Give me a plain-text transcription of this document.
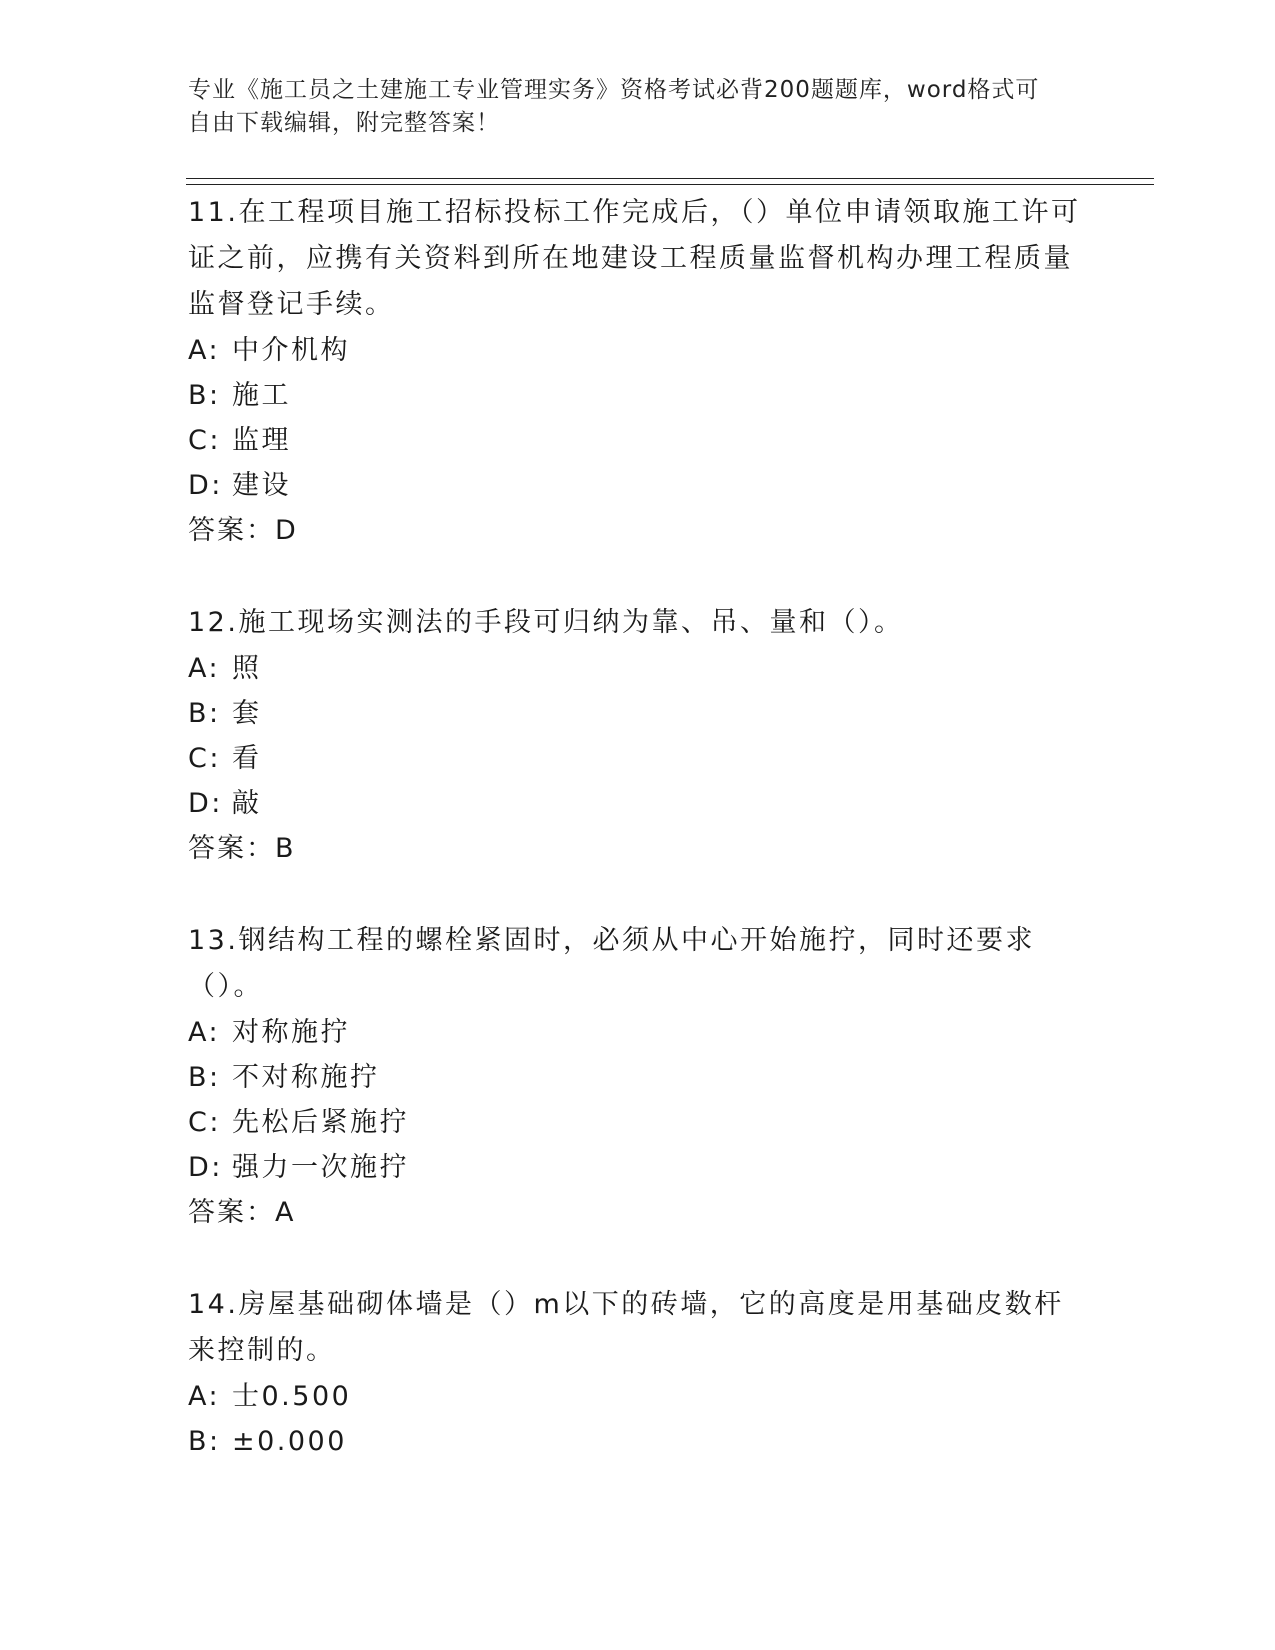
专业《施工员之土建施工专业管理实务》资格考试必背200题题库，word格式可
自由下载编辑，附完整答案！

11.在工程项目施工招标投标工作完成后，（）单位申请领取施工许可证之前，应携有关资料到所在地建设工程质量监督机构办理工程质量监督登记手续。

A: 中介机构

B: 施工

C: 监理

D: 建设

答案：D

12.施工现场实测法的手段可归纳为靠、吊、量和（）。

A: 照

B: 套

C: 看

D: 敲

答案：B

13.钢结构工程的螺栓紧固时，必须从中心开始施拧，同时还要求（）。

A: 对称施拧

B: 不对称施拧

C: 先松后紧施拧

D: 强力一次施拧

答案：A

14.房屋基础砌体墙是（）m以下的砖墙，它的高度是用基础皮数杆来控制的。

A: 士0.500

B: ±0.000
